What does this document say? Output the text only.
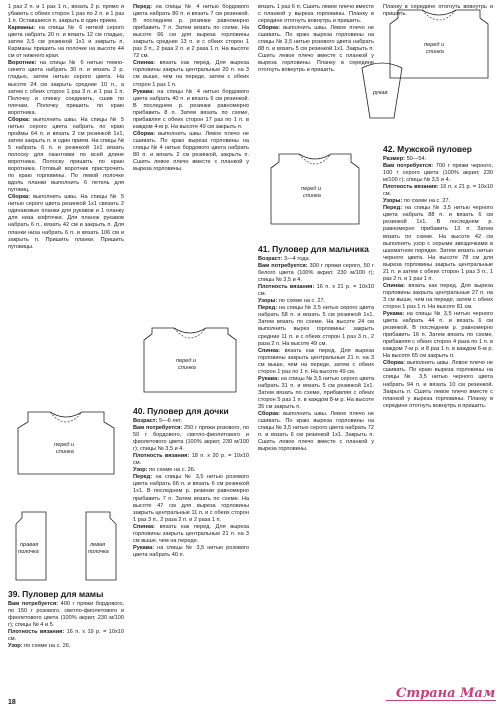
1 раз 2 п. и 1 раз 1 п., вязать 2 р. прямо и убавить с обеих сторон 1 раз по 2 п. и 1 раз 1 п. Оставшиеся п. закрыть в один прием.

Карманы: на спицы № 6 ниткой серого цвета набрать 20 п. и вязать 12 см гладью, затем 3,5 см резинкой 1х1 и закрыть п. Карманы пришить на полочке на высоте 44 см от нижнего края.

Воротник: на спицы № 6 нитью темно-синего цвета набрать 30 п. и вязать 2 р. гладью, затем нитью серого цвета. На высоте 24 см закрыть средние 10 п., а затем с обеих сторон 1 раз 3 п. и 1 раз 1 п. Полочку и спинку соединить, сшив по плечам. Полочку пришить по краю воротника.

Сборка: выполнить швы. На спицы № 5 нитью серого цвета набрать по краю проймы 64 п. и вязать 2 см резинкой 1х1, затем закрыть п. в один прием. На спицы № 5 набрать 6 п. и резинкой 1х1 вязать полоску для окантовки по всей длине воротника. Полоску пришить по краю воротника. Готовый воротник пристрочить по краю горловины. По левой полочке вдоль планки выполнить 6 петель для пуговиц.

Сборка: выполнить швы. На спицы № 5 нитью серого цвета резинкой 1х1 связать 2 одинаковые планки для рукавов и 1 планку для низа кофточки. Для планок рукавов набрать 6 п., вязать 42 см и закрыть п. Для планки низа набрать 6 п. и вязать 106 см и закрыть п. Пришить планки. Пришить пуговицы.

39. Пуловер для мамы

Вам потребуется: 400 г пряжи бордового, по 150 г розового, светло-фиолетового и фиолетового цвета (100% акрил; 230 м/100 г); спицы № 4 и 5.

Плотность вязания: 16 п. х 19 р. = 10х10 см.

Узор: по схеме на с. 26.

Перед: на спицы № 4 нитью бордового цвета набрать 80 п. и вязать 7 см резинкой. В последнем р. резинки равномерно прибавить 7 п. Затем вязать по схеме. На высоте 66 см для выреза горловины закрыть средние 13 п. и с обеих сторон 1 раз 3 п., 2 раза 2 п. и 2 раза 1 п. На высоте 72 см.

Спинка: вязать как перед. Для выреза горловины закрыть центральные 20 п. на 3 см выше, чем на переде, затем с обеих сторон 1 раз 1 п.

Рукава: на спицы № 4 нитью бордового цвета набрать 40 п. и вязать 6 см резинкой. В последнем р. резинки равномерно прибавить 8 п. Затем вязать по схеме, прибавляя с обеих сторон 17 раз по 1 п. в каждом 4-м р. На высоте 49 см закрыть п.

Сборка: выполнить швы. Левое плечо не сшивать. По краю выреза горловины на спицы № 4 нитью бордового цвета набрать 80 п. и вязать 2 см резинкой, закрыть п. Сшить левое плечо вместе с планкой у выреза горловины.

40. Пуловер для дочки

Возраст: 5—6 лет.

Вам потребуется: 250 г пряжи розового, по 50 г бордового, светло-фиолетового и фиолетового цвета (100% акрил; 230 м/100 г); спицы № 3,5 и 4.

Плотность вязания: 18 п. х 20 р. = 10х10 см.

Узор: по схеме на с. 26.

Перед: на спицы № 3,5 нитью розового цвета набрать 66 п. и вязать 6 см резинкой 1х1. В последнем р. резинки равномерно прибавить 7 п. Затем вязать по схеме. На высоте 47 см для выреза горловины закрыть центральные 11 п. и с обеих сторон 1 раз 3 п., 2 раза 2 п. и 2 раза 1 п.

Спинка: вязать как перед. Для выреза горловины закрыть центральные 21 п. на 3 см выше, чем на переде.

Рукава: на спицы № 3,5 нитью розового цвета набрать 40 п.

вязать 1 раз 6 п. Сшить левое плечо вместе с планкой у выреза горловины. Планку в середине отогнуть вовнутрь и пришить.

Сборка: выполнить швы. Левое плечо не сшивать. По краю выреза горловины на спицы № 3,5 нитью розового цвета набрать 88 п. и вязать 5 см резинкой 1х1. Закрыть п. Сшить левое плечо вместе с планкой у выреза горловины. Планку в середине отогнуть вовнутрь и пришить.

41. Пуловер для мальчика

Возраст: 3—4 года.

Вам потребуется: 300 г пряжи серого, 50 г белого цвета (100% акрил; 230 м/100 г); спицы № 3,5 и 4.

Плотность вязания: 16 п. х 21 р. = 10х10 см.

Узоры: по схеме на с. 27.

Перед: на спицы № 3,5 нитью серого цвета набрать 58 п. и вязать 5 см резинкой 1х1. Затем вязать по схеме. На высоте 24 см выполнить вырез горловины: закрыть средние 11 п. и с обеих сторон 1 раз 3 п., 2 раза 2 п. На высоте 49 см.

Спинка: вязать как перед. Для выреза горловины закрыть центральные 21 п. на 3 см выше, чем на переде, затем с обеих сторон 1 раз по 1 п. На высоте 49 см.

Рукава: на спицы № 3,5 нитью серого цвета набрать 31 п. и вязать 5 см резинкой 1х1. Затем вязать по схеме, прибавляя с обеих сторон 5 раз 1 п. в каждом 8-м р. На высоте 35 см закрыть п.

Сборка: выполнить швы. Левое плечо не сшивать. По краю выреза горловины на спицы № 3,5 нитью серого цвета набрать 72 п. и вязать 6 см резинкой 1х1. Закрыть п. Сшить левое плечо вместе с планкой у выреза горловины.

Планку в середине отогнуть вовнутрь и пришить.

42. Мужской пуловер

Размер: 50—54.

Вам потребуется: 700 г пряжи черного, 100 г серого цвета (100% акрил; 230 м/100 г); спицы № 3,5 и 4.

Плотность вязания: 16 п. х 21 р. = 10х10 см.

Узоры: по схеме на с. 27.

Перед: на спицы № 3,5 нитью черного цвета набрать 88 п. и вязать 6 см резинкой 1х1. В последнем р. равномерно прибавить 13 п. Затем вязать по схеме. На высоте 42 см выполнить узор с серыми звездочками в шахматном порядке. Затем вязать нитью черного цвета. На высоте 78 см для выреза горловины закрыть центральные 21 п. и затем с обеих сторон 1 раз 3 п., 1 раз 2 п. и 1 раз 1 п.

Спинка: вязать как перед. Для выреза горловины закрыть центральные 27 п. на 3 см выше, чем на переде, затем с обеих сторон 1 раз 1 п. На высоте 81 см.

Рукава: на спицы № 3,5 нитью черного цвета набрать 44 п. и вязать 6 см резинкой. В последнем р. равномерно прибавить 16 п. Затем вязать по схеме, прибавляя с обеих сторон 4 раза по 1 п. в каждом 7-м р. и 8 раз 1 п. в каждом 6-м р. На высоте 65 см закрыть п.

Сборка: выполнить швы. Левое плечо не сшивать. По краю выреза горловины на спицы № 3,5 нитью черного цвета набрать 94 п. и вязать 10 см резинкой. Закрыть п. Сшить левое плечо вместе с планкой у выреза горловины. Планку в середине отогнуть вовнутрь и пришить.

перед и
спинка
перед и
спинка
перед и
спинка
перед и
спинка
рукав
правая
полочка
левая
полочка
18
Страна Мам
